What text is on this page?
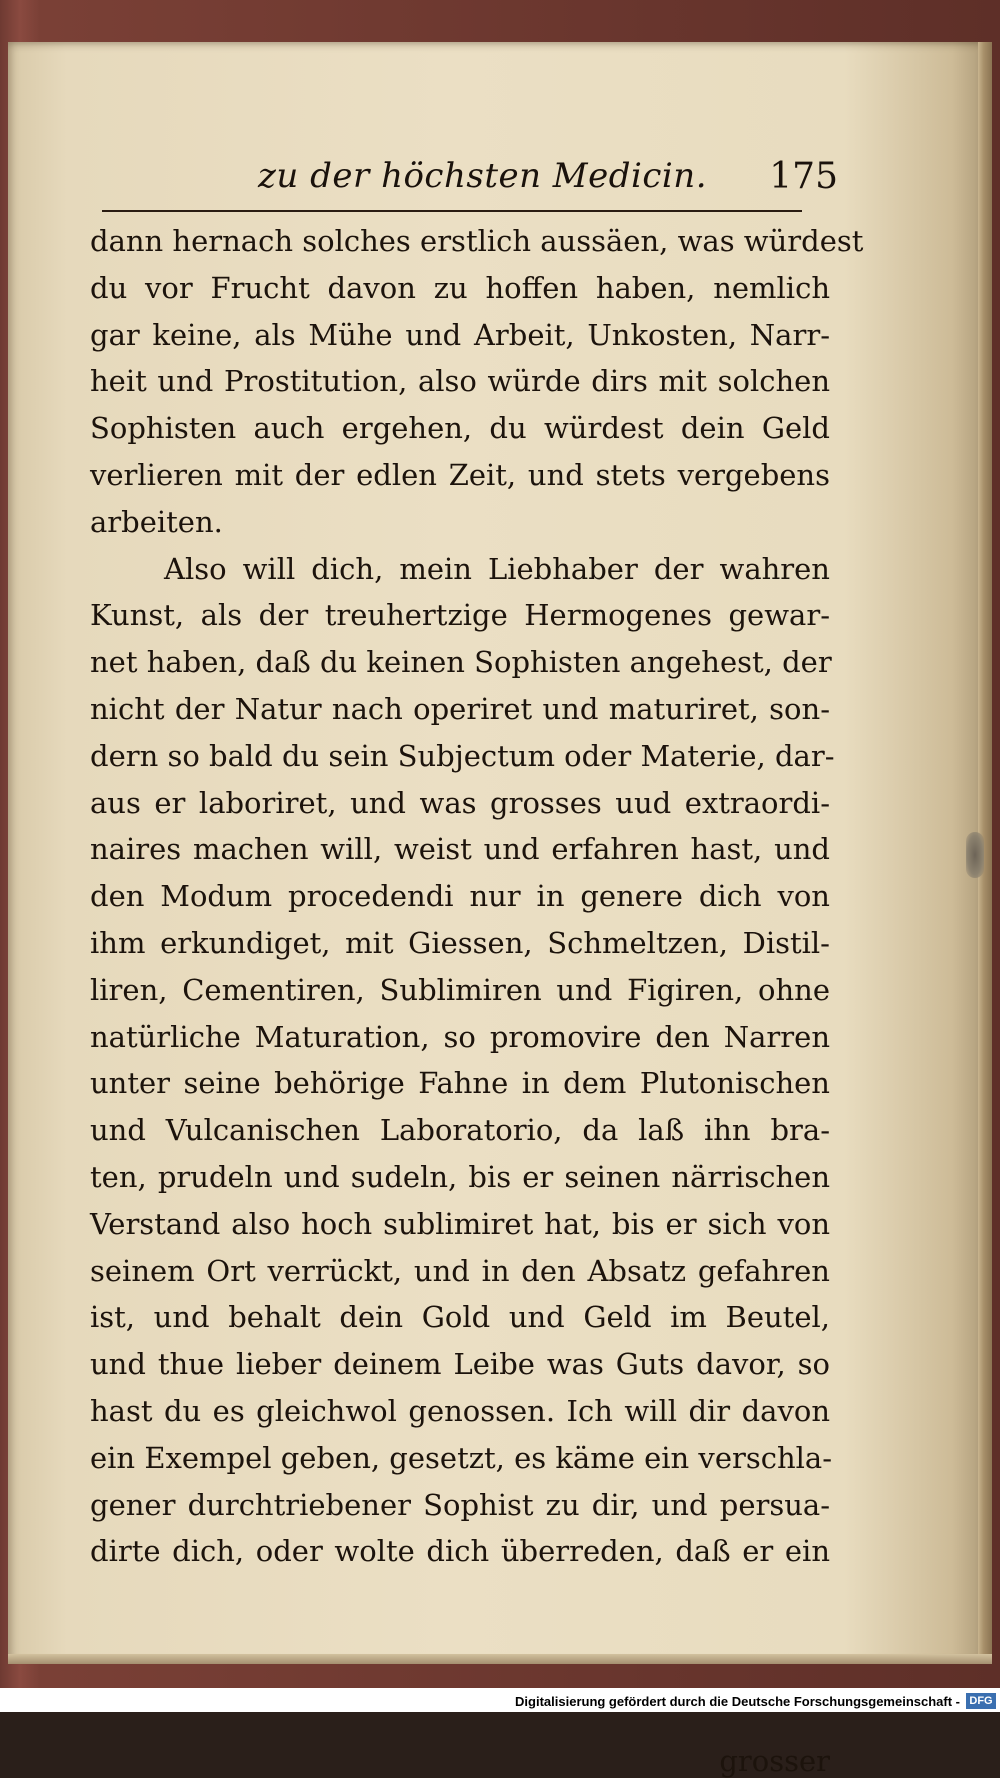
zu der höchsten Medicin. 175
dann hernach solches erstlich aussäen, was würdest
du vor Frucht davon zu hoffen haben, nemlich
gar keine, als Mühe und Arbeit, Unkosten, Narr-
heit und Prostitution, also würde dirs mit solchen
Sophisten auch ergehen, du würdest dein Geld
verlieren mit der edlen Zeit, und stets vergebens
arbeiten.
Also will dich, mein Liebhaber der wahren
Kunst, als der treuhertzige Hermogenes gewar-
net haben, daß du keinen Sophisten angehest, der
nicht der Natur nach operiret und maturiret, son-
dern so bald du sein Subjectum oder Materie, dar-
aus er laboriret, und was grosses uud extraordi-
naires machen will, weist und erfahren hast, und
den Modum procedendi nur in genere dich von
ihm erkundiget, mit Giessen, Schmeltzen, Distil-
liren, Cementiren, Sublimiren und Figiren, ohne
natürliche Maturation, so promovire den Narren
unter seine behörige Fahne in dem Plutonischen
und Vulcanischen Laboratorio, da laß ihn bra-
ten, prudeln und sudeln, bis er seinen närrischen
Verstand also hoch sublimiret hat, bis er sich von
seinem Ort verrückt, und in den Absatz gefahren
ist, und behalt dein Gold und Geld im Beutel,
und thue lieber deinem Leibe was Guts davor, so
hast du es gleichwol genossen. Ich will dir davon
ein Exempel geben, gesetzt, es käme ein verschla-
gener durchtriebener Sophist zu dir, und persua-
dirte dich, oder wolte dich überreden, daß er ein
grosser
Digitalisierung gefördert durch die Deutsche Forschungsgemeinschaft - DFG
